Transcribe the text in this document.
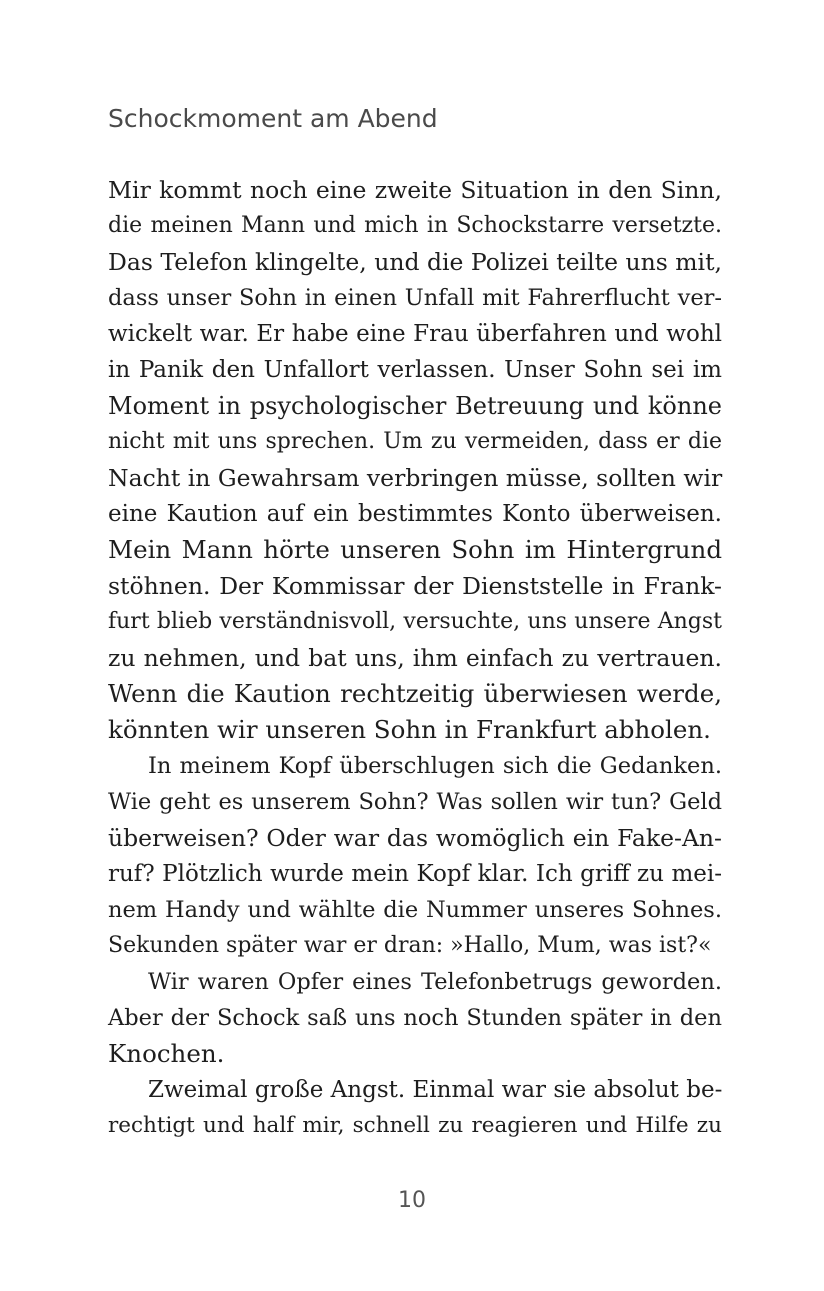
Schockmoment am Abend
Mir kommt noch eine zweite Situation in den Sinn,
die meinen Mann und mich in Schockstarre versetzte.
Das Telefon klingelte, und die Polizei teilte uns mit,
dass unser Sohn in einen Unfall mit Fahrerflucht ver-
wickelt war. Er habe eine Frau überfahren und wohl
in Panik den Unfallort verlassen. Unser Sohn sei im
Moment in psychologischer Betreuung und könne
nicht mit uns sprechen. Um zu vermeiden, dass er die
Nacht in Gewahrsam verbringen müsse, sollten wir
eine Kaution auf ein bestimmtes Konto überweisen.
Mein Mann hörte unseren Sohn im Hintergrund
stöhnen. Der Kommissar der Dienststelle in Frank-
furt blieb verständnisvoll, versuchte, uns unsere Angst
zu nehmen, und bat uns, ihm einfach zu vertrauen.
Wenn die Kaution rechtzeitig überwiesen werde,
könnten wir unseren Sohn in Frankfurt abholen.
In meinem Kopf überschlugen sich die Gedanken.
Wie geht es unserem Sohn? Was sollen wir tun? Geld
überweisen? Oder war das womöglich ein Fake-An-
ruf? Plötzlich wurde mein Kopf klar. Ich griff zu mei-
nem Handy und wählte die Nummer unseres Sohnes.
Sekunden später war er dran: »Hallo, Mum, was ist?«
Wir waren Opfer eines Telefonbetrugs geworden.
Aber der Schock saß uns noch Stunden später in den
Knochen.
Zweimal große Angst. Einmal war sie absolut be-
rechtigt und half mir, schnell zu reagieren und Hilfe zu
10
